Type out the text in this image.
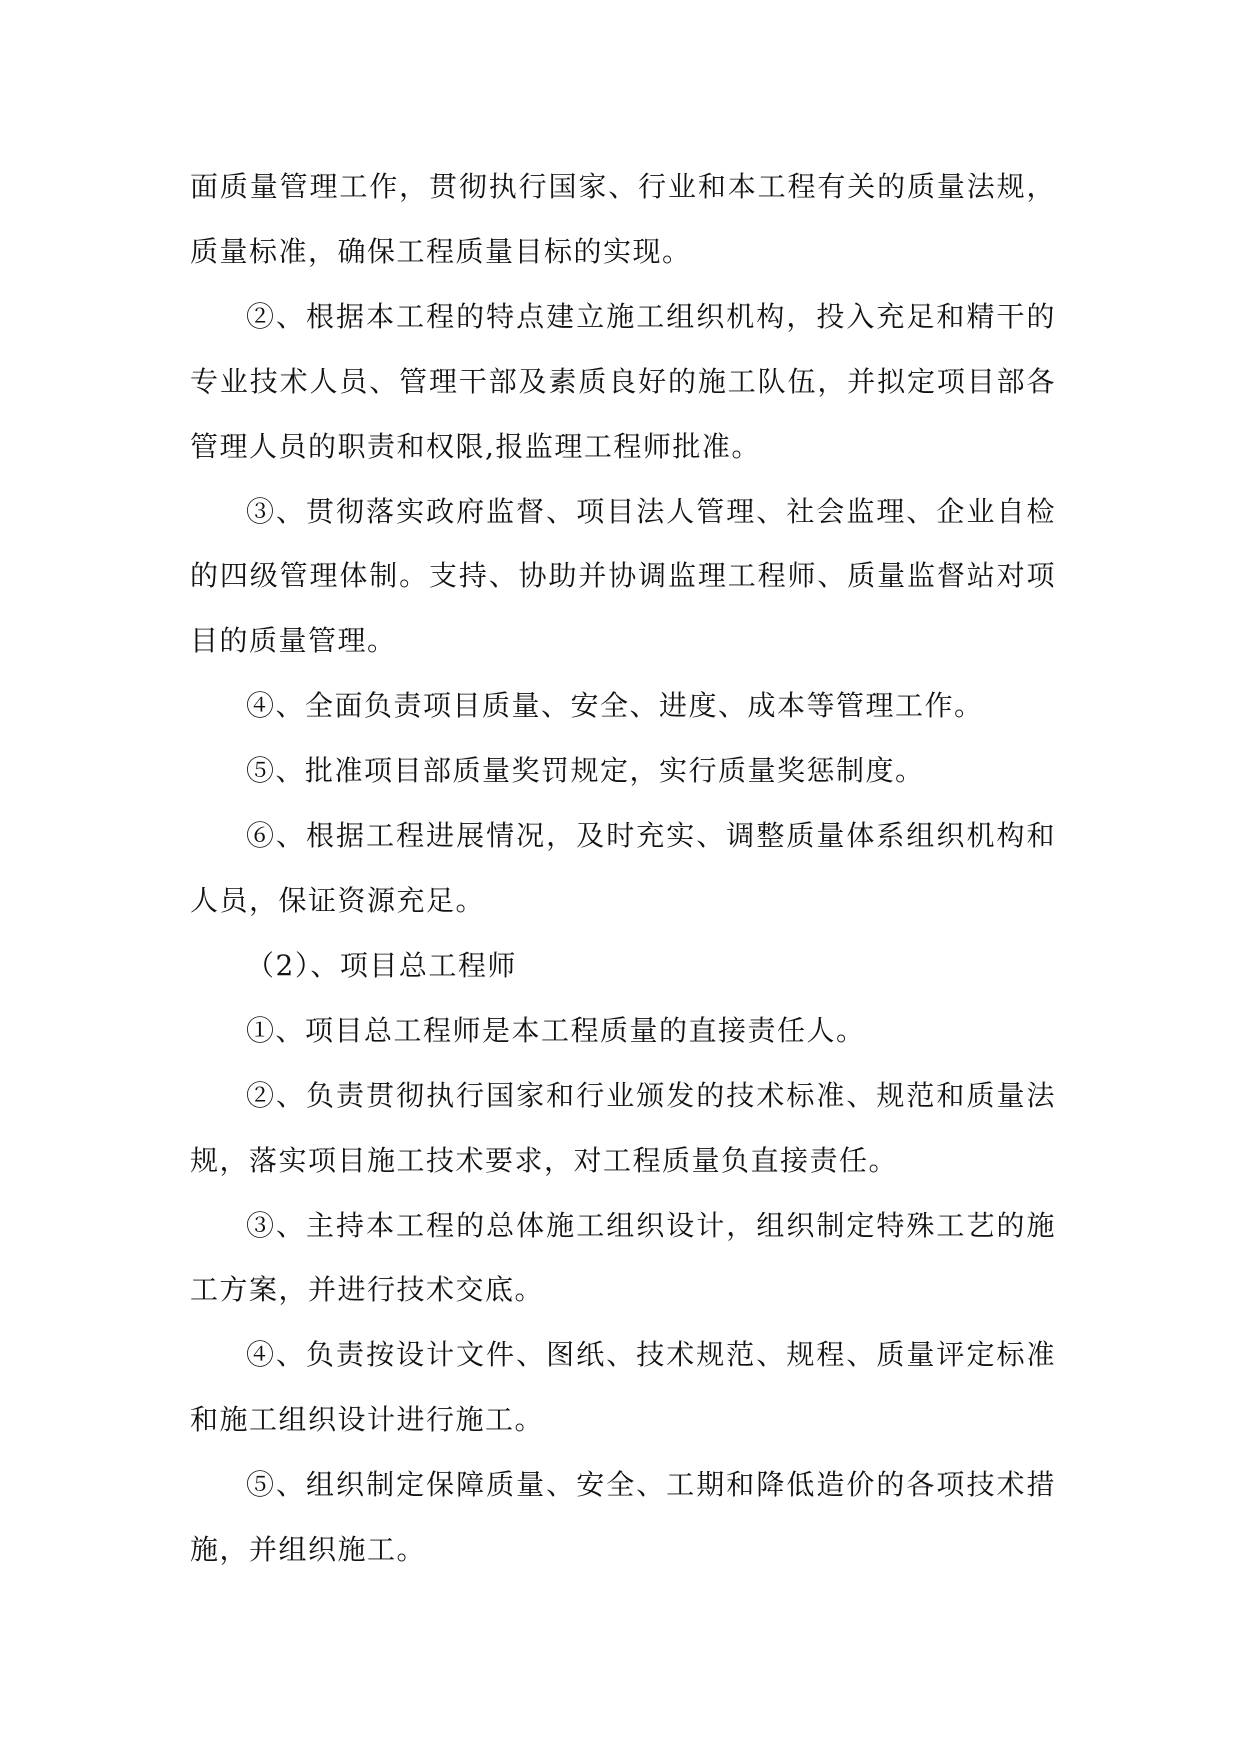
面质量管理工作，贯彻执行国家、行业和本工程有关的质量法规，质量标准，确保工程质量目标的实现。

②、根据本工程的特点建立施工组织机构，投入充足和精干的专业技术人员、管理干部及素质良好的施工队伍，并拟定项目部各管理人员的职责和权限,报监理工程师批准。

③、贯彻落实政府监督、项目法人管理、社会监理、企业自检的四级管理体制。支持、协助并协调监理工程师、质量监督站对项目的质量管理。

④、全面负责项目质量、安全、进度、成本等管理工作。

⑤、批准项目部质量奖罚规定，实行质量奖惩制度。

⑥、根据工程进展情况，及时充实、调整质量体系组织机构和人员，保证资源充足。

（2）、项目总工程师

①、项目总工程师是本工程质量的直接责任人。

②、负责贯彻执行国家和行业颁发的技术标准、规范和质量法规，落实项目施工技术要求，对工程质量负直接责任。

③、主持本工程的总体施工组织设计，组织制定特殊工艺的施工方案，并进行技术交底。

④、负责按设计文件、图纸、技术规范、规程、质量评定标准和施工组织设计进行施工。

⑤、组织制定保障质量、安全、工期和降低造价的各项技术措施，并组织施工。
